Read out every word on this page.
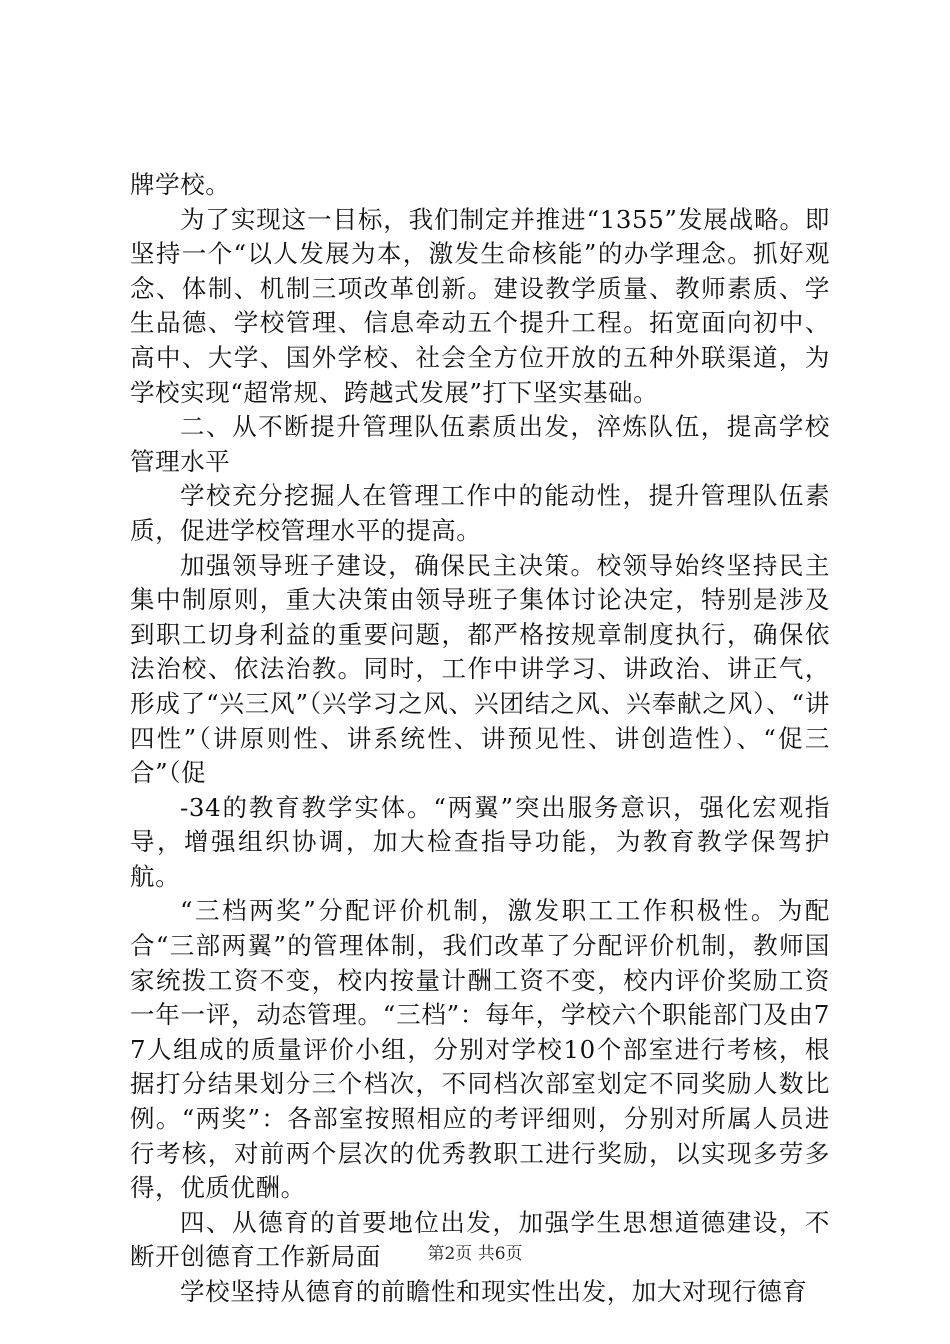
牌学校。

为了实现这一目标，我们制定并推进“1355”发展战略。即坚持一个“以人发展为本，激发生命核能”的办学理念。抓好观念、体制、机制三项改革创新。建设教学质量、教师素质、学生品德、学校管理、信息牵动五个提升工程。拓宽面向初中、高中、大学、国外学校、社会全方位开放的五种外联渠道，为学校实现“超常规、跨越式发展”打下坚实基础。

二、从不断提升管理队伍素质出发，淬炼队伍，提高学校管理水平

学校充分挖掘人在管理工作中的能动性，提升管理队伍素质，促进学校管理水平的提高。

加强领导班子建设，确保民主决策。校领导始终坚持民主集中制原则，重大决策由领导班子集体讨论决定，特别是涉及到职工切身利益的重要问题，都严格按规章制度执行，确保依法治校、依法治教。同时，工作中讲学习、讲政治、讲正气，形成了“兴三风”（兴学习之风、兴团结之风、兴奉献之风）、“讲四性”（讲原则性、讲系统性、讲预见性、讲创造性）、“促三合”（促

-34的教育教学实体。“两翼”突出服务意识，强化宏观指导，增强组织协调，加大检查指导功能，为教育教学保驾护航。

“三档两奖”分配评价机制，激发职工工作积极性。为配合“三部两翼”的管理体制，我们改革了分配评价机制，教师国家统拨工资不变，校内按量计酬工资不变，校内评价奖励工资一年一评，动态管理。“三档”：每年，学校六个职能部门及由77人组成的质量评价小组，分别对学校10个部室进行考核，根据打分结果划分三个档次，不同档次部室划定不同奖励人数比例。“两奖”：各部室按照相应的考评细则，分别对所属人员进行考核，对前两个层次的优秀教职工进行奖励，以实现多劳多得，优质优酬。

四、从德育的首要地位出发，加强学生思想道德建设，不断开创德育工作新局面

学校坚持从德育的前瞻性和现实性出发，加大对现行德育

第2页 共6页
